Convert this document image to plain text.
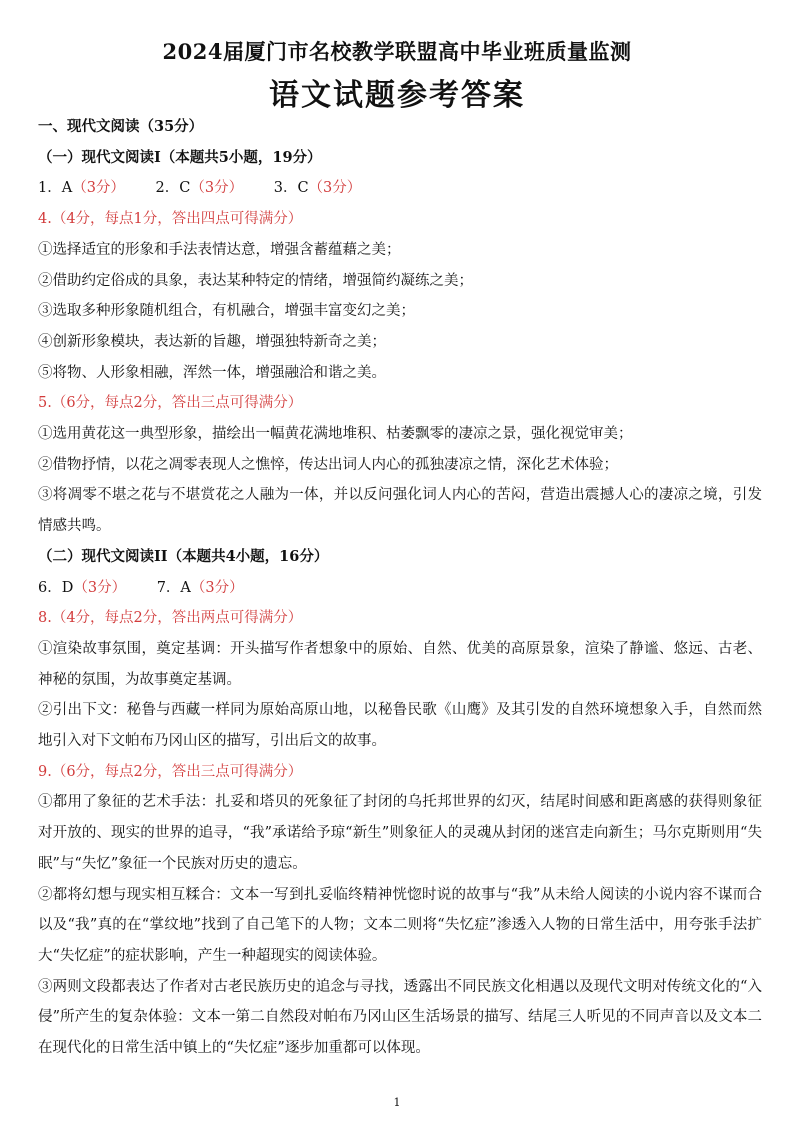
2024届厦门市名校教学联盟高中毕业班质量监测
语文试题参考答案

一、现代文阅读（35分）

（一）现代文阅读I（本题共5小题，19分）

1．A（3分） 2．C（3分） 3．C（3分）

4.（4分，每点1分，答出四点可得满分）

①选择适宜的形象和手法表情达意，增强含蓄蕴藉之美；

②借助约定俗成的具象，表达某种特定的情绪，增强简约凝练之美；

③选取多种形象随机组合，有机融合，增强丰富变幻之美；

④创新形象模块，表达新的旨趣，增强独特新奇之美；

⑤将物、人形象相融，浑然一体，增强融洽和谐之美。

5.（6分，每点2分，答出三点可得满分）

①选用黄花这一典型形象，描绘出一幅黄花满地堆积、枯萎飘零的凄凉之景，强化视觉审美；

②借物抒情，以花之凋零表现人之憔悴，传达出词人内心的孤独凄凉之情，深化艺术体验；

③将凋零不堪之花与不堪赏花之人融为一体，并以反问强化词人内心的苦闷，营造出震撼人心的凄凉之境，引发情感共鸣。

（二）现代文阅读II（本题共4小题，16分）

6．D（3分） 7．A（3分）

8.（4分，每点2分，答出两点可得满分）

①渲染故事氛围，奠定基调：开头描写作者想象中的原始、自然、优美的高原景象，渲染了静谧、悠远、古老、神秘的氛围，为故事奠定基调。

②引出下文：秘鲁与西藏一样同为原始高原山地，以秘鲁民歌《山鹰》及其引发的自然环境想象入手，自然而然地引入对下文帕布乃冈山区的描写，引出后文的故事。

9.（6分，每点2分，答出三点可得满分）

①都用了象征的艺术手法：扎妥和塔贝的死象征了封闭的乌托邦世界的幻灭，结尾时间感和距离感的获得则象征对开放的、现实的世界的追寻，“我”承诺给予琼“新生”则象征人的灵魂从封闭的迷宫走向新生；马尔克斯则用“失眠”与“失忆”象征一个民族对历史的遗忘。

②都将幻想与现实相互糅合：文本一写到扎妥临终精神恍惚时说的故事与“我”从未给人阅读的小说内容不谋而合以及“我”真的在“掌纹地”找到了自己笔下的人物；文本二则将“失忆症”渗透入人物的日常生活中，用夸张手法扩大“失忆症”的症状影响，产生一种超现实的阅读体验。

③两则文段都表达了作者对古老民族历史的追念与寻找，透露出不同民族文化相遇以及现代文明对传统文化的“入侵”所产生的复杂体验：文本一第二自然段对帕布乃冈山区生活场景的描写、结尾三人听见的不同声音以及文本二在现代化的日常生活中镇上的“失忆症”逐步加重都可以体现。

1
